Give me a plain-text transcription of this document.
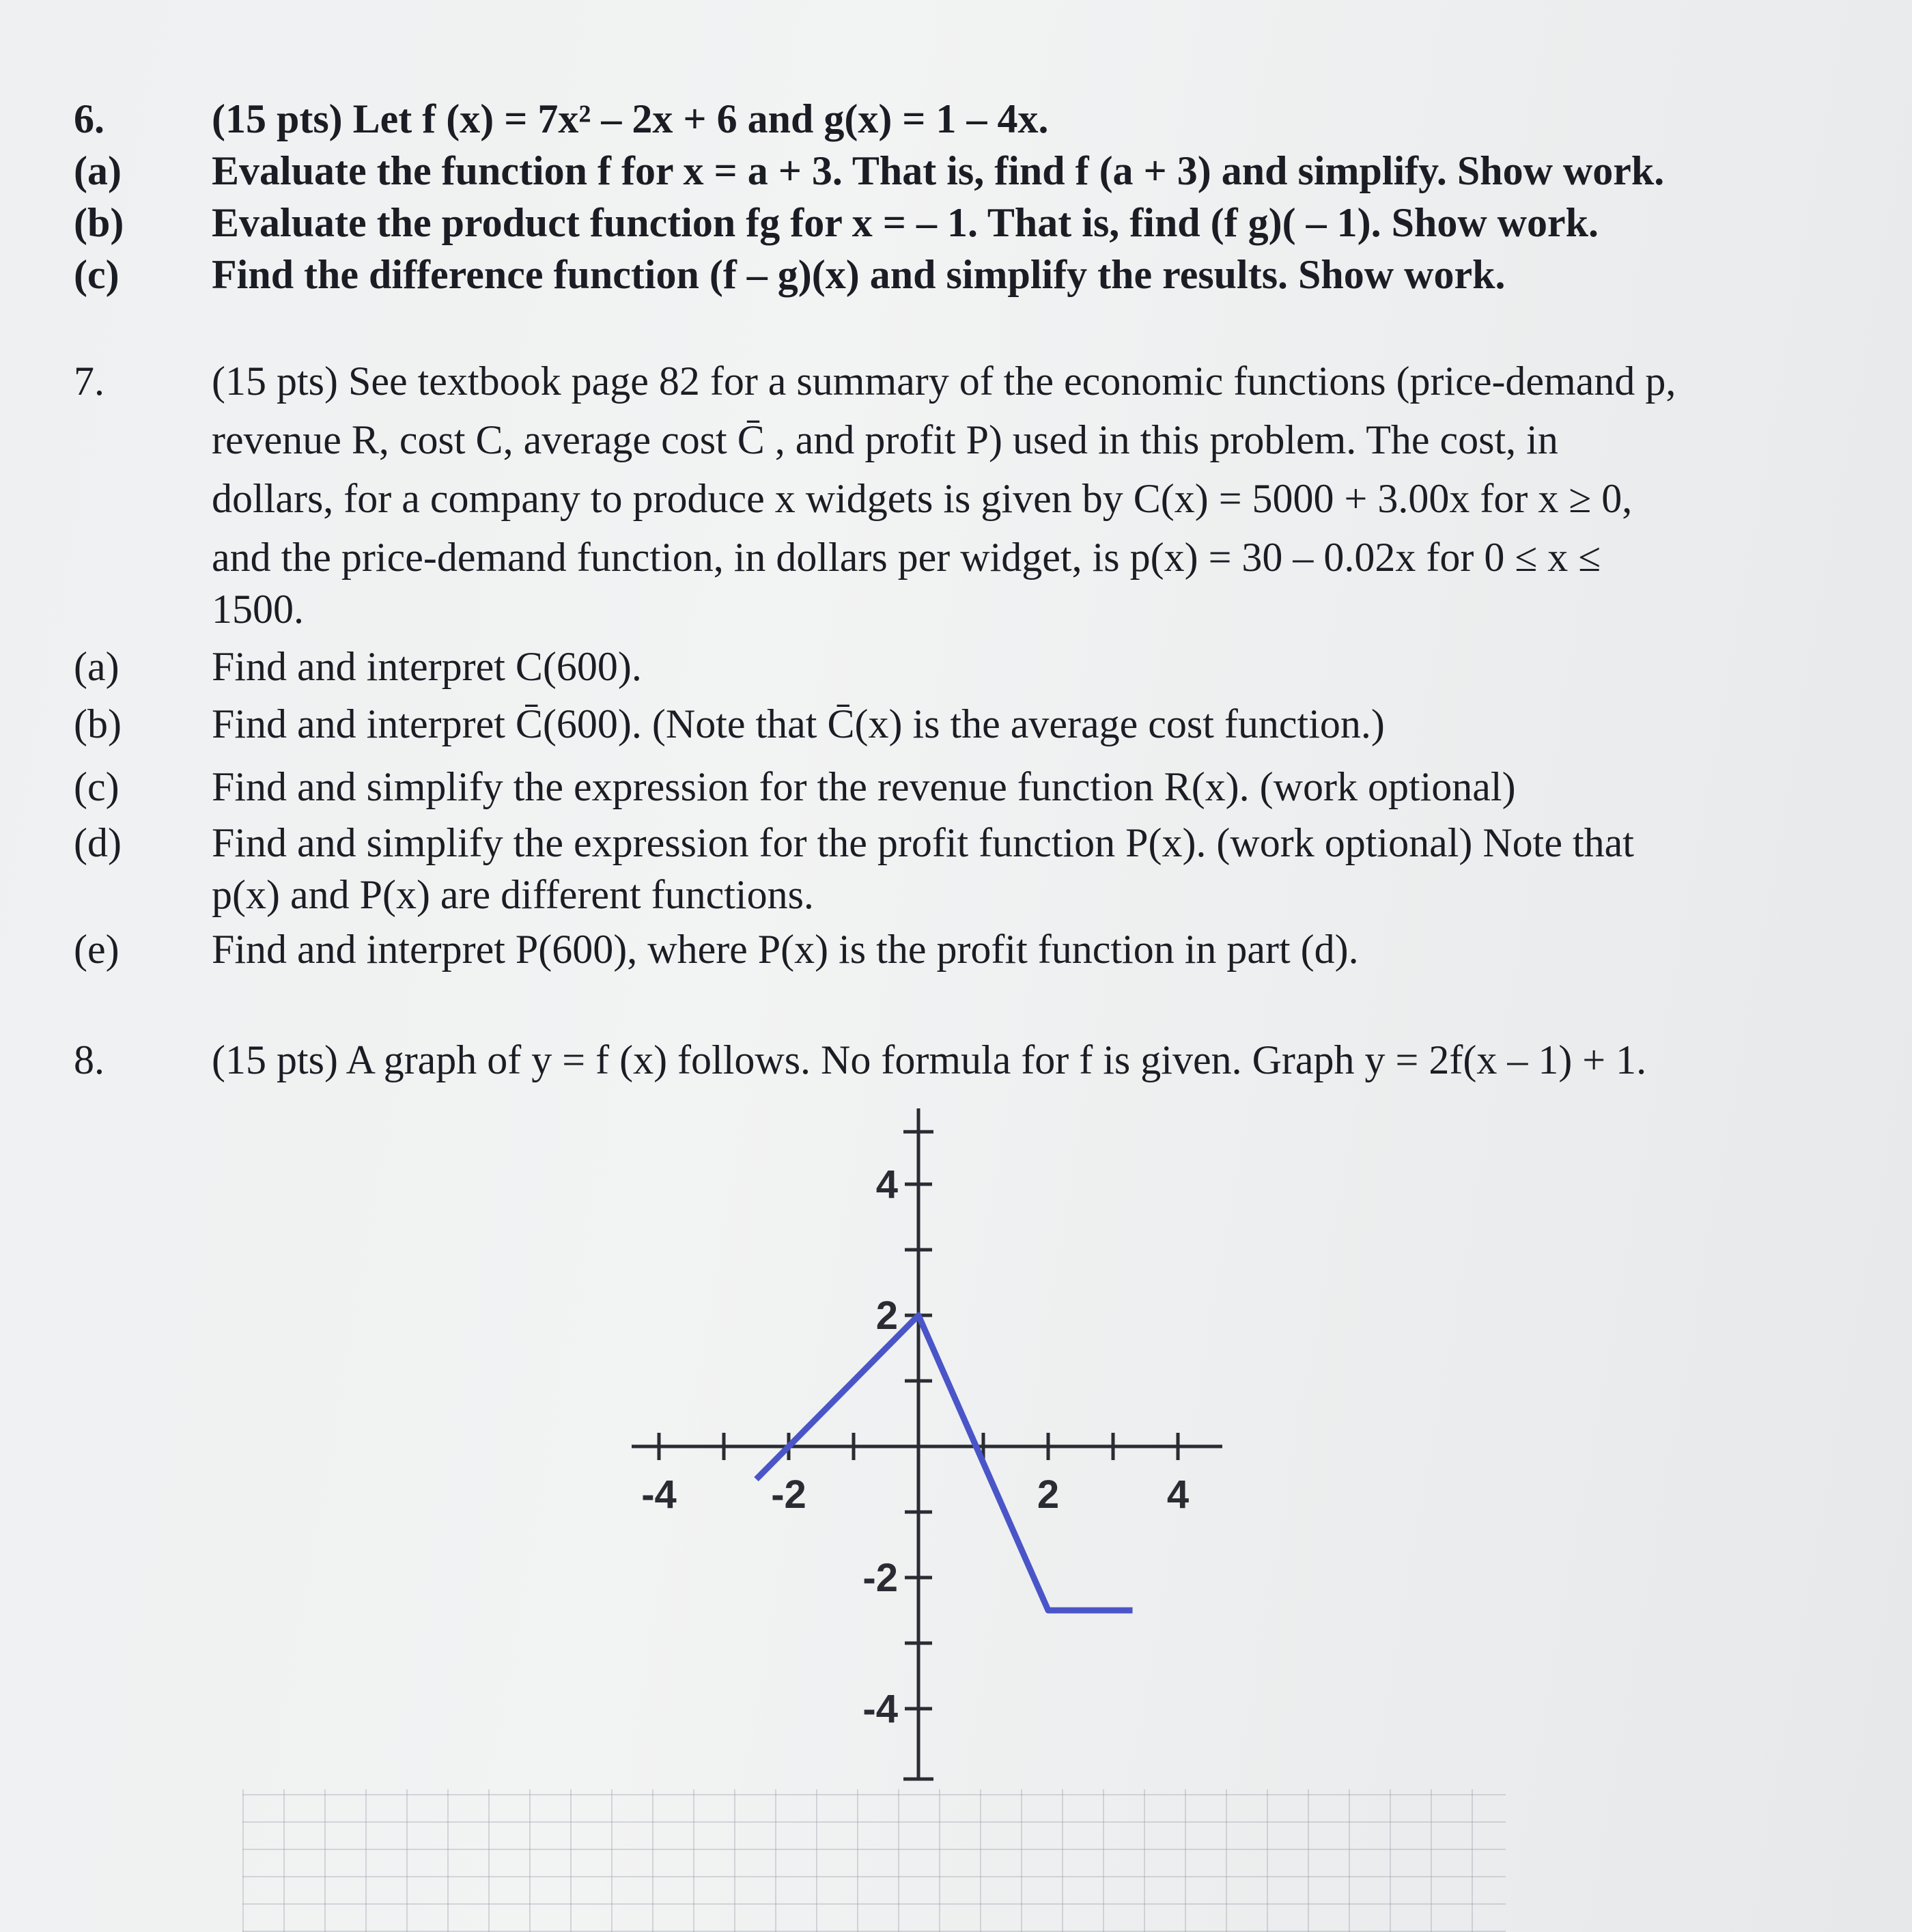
6.	(15 pts) Let f (x) = 7x² – 2x + 6 and g(x) = 1 – 4x.
(a) Evaluate the function f for x = a + 3. That is, find f (a + 3) and simplify. Show work.
(b) Evaluate the product function fg for x = – 1. That is, find (f g)( – 1). Show work.
(c) Find the difference function (f – g)(x) and simplify the results. Show work.
7.	(15 pts) See textbook page 82 for a summary of the economic functions (price-demand p,
revenue R, cost C, average cost C̄ , and profit P) used in this problem. The cost, in
dollars, for a company to produce x widgets is given by C(x) = 5000 + 3.00x for x ≥ 0,
and the price-demand function, in dollars per widget, is p(x) = 30 – 0.02x for 0 ≤ x ≤
1500.
(a) Find and interpret C(600).
(b) Find and interpret C̄(600). (Note that C̄(x) is the average cost function.)
(c) Find and simplify the expression for the revenue function R(x). (work optional)
(d) Find and simplify the expression for the profit function P(x). (work optional) Note that
p(x) and P(x) are different functions.
(e) Find and interpret P(600), where P(x) is the profit function in part (d).
8.	(15 pts) A graph of y = f (x) follows. No formula for f is given. Graph y = 2f(x – 1) + 1.
-4 -2	2	4
4
2
-2
-4
